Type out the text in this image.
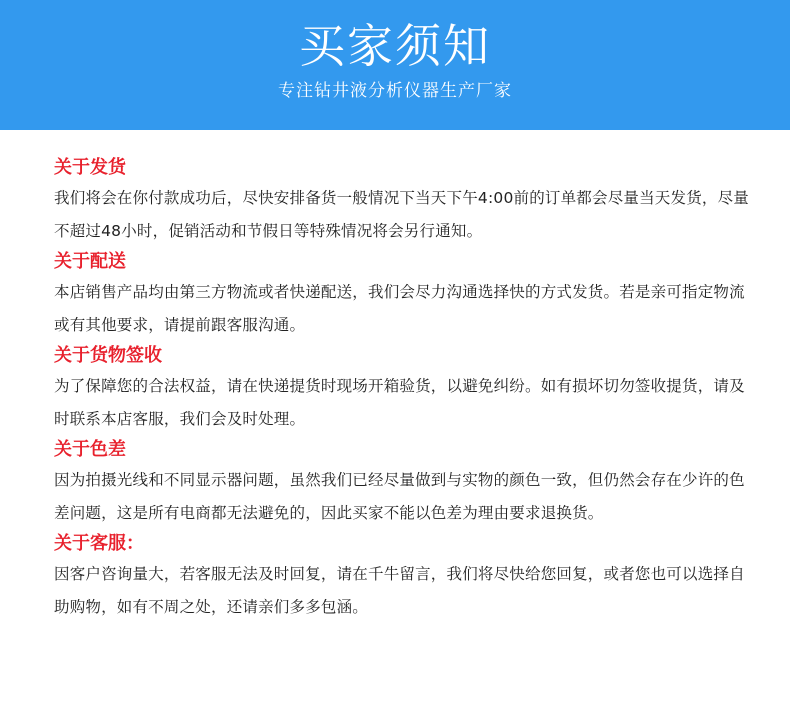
买家须知
专注钻井液分析仪器生产厂家

关于发货

我们将会在你付款成功后，尽快安排备货一般情况下当天下午4:00前的订单都会尽量当天发货，尽量不超过48小时，促销活动和节假日等特殊情况将会另行通知。

关于配送

本店销售产品均由第三方物流或者快递配送，我们会尽力沟通选择快的方式发货。若是亲可指定物流或有其他要求，请提前跟客服沟通。

关于货物签收

为了保障您的合法权益，请在快递提货时现场开箱验货，以避免纠纷。如有损坏切勿签收提货，请及时联系本店客服，我们会及时处理。

关于色差

因为拍摄光线和不同显示器问题，虽然我们已经尽量做到与实物的颜色一致，但仍然会存在少许的色差问题，这是所有电商都无法避免的，因此买家不能以色差为理由要求退换货。

关于客服：

因客户咨询量大，若客服无法及时回复，请在千牛留言，我们将尽快给您回复，或者您也可以选择自助购物，如有不周之处，还请亲们多多包涵。
